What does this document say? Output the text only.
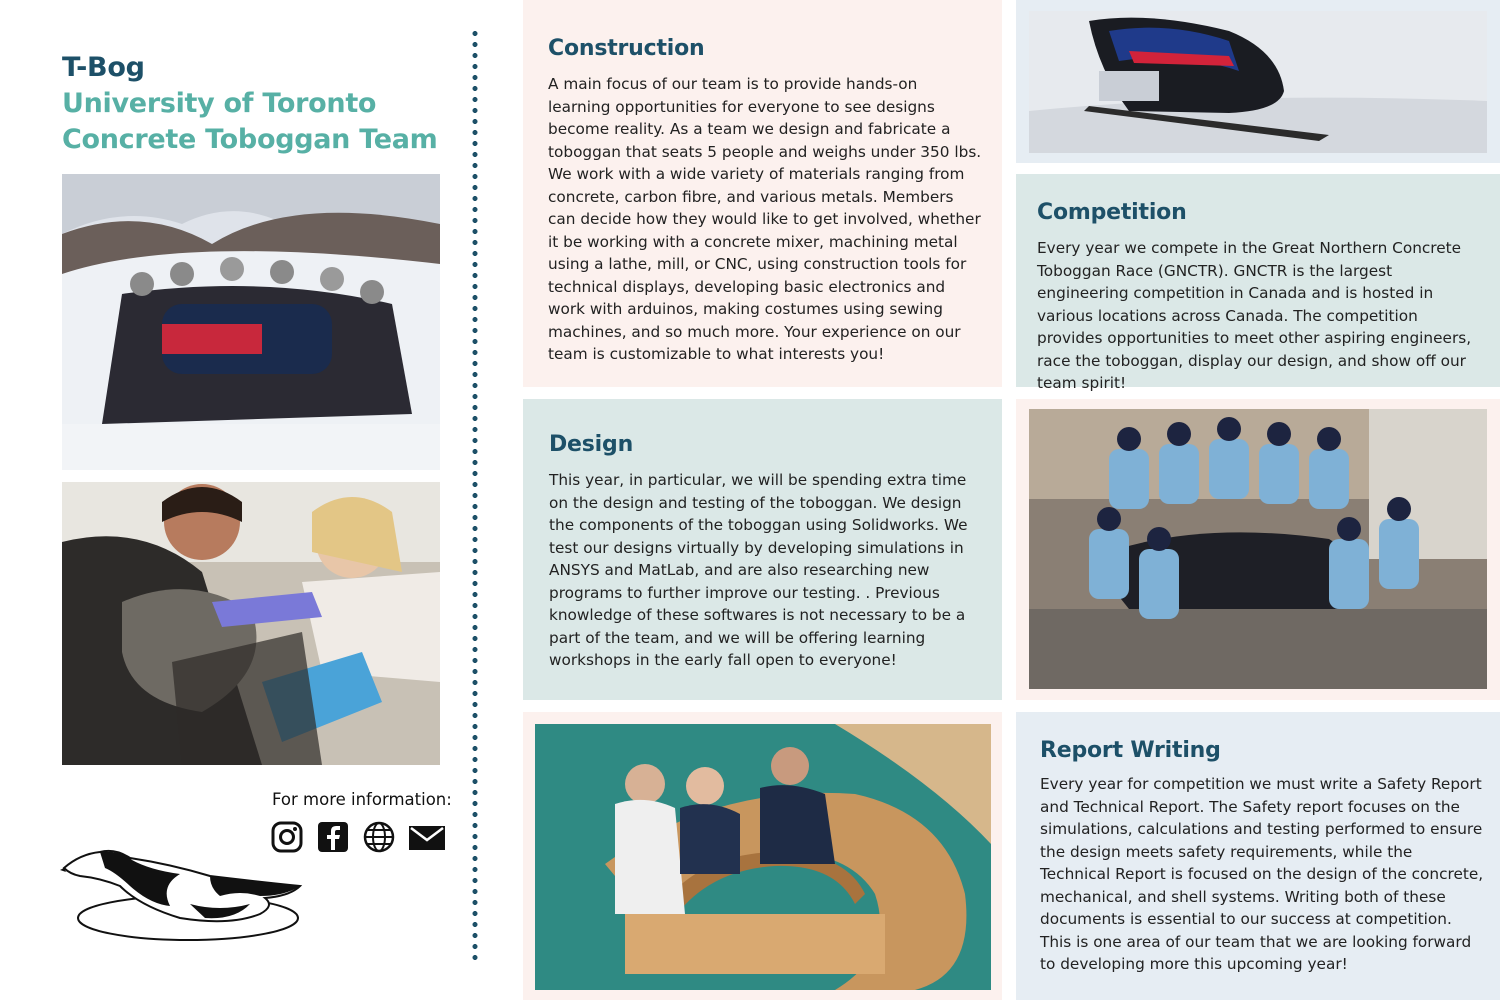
T-Bog
University of Toronto
Concrete Toboggan Team
For more information:
Construction

A main focus of our team is to provide hands-on learning opportunities for everyone to see designs become reality. As a team we design and fabricate a toboggan that seats 5 people and weighs under 350 lbs. We work with a wide variety of materials ranging from concrete, carbon fibre, and various metals. Members can decide how they would like to get involved, whether it be working with a concrete mixer, machining metal using a lathe, mill, or CNC, using construction tools for technical displays, developing basic electronics and work with arduinos, making costumes using sewing machines, and so much more. Your experience on our team is customizable to what interests you!

Design

This year, in particular, we will be spending extra time on the design and testing of the toboggan. We design the components of the toboggan using Solidworks. We test our designs virtually by developing simulations in ANSYS and MatLab, and are also researching new programs to further improve our testing. . Previous knowledge of these softwares is not necessary to be a part of the team, and we will be offering learning workshops in the early fall open to everyone!

Competition

Every year we compete in the Great Northern Concrete Toboggan Race (GNCTR). GNCTR is the largest engineering competition in Canada and is hosted in various locations across Canada. The competition provides opportunities to meet other aspiring engineers, race the toboggan, display our design, and show off our team spirit!

Report Writing

Every year for competition we must write a Safety Report and Technical Report. The Safety report focuses on the simulations, calculations and testing performed to ensure the design meets safety requirements, while the Technical Report is focused on the design of the concrete, mechanical, and shell systems. Writing both of these documents is essential to our success at competition. This is one area of our team that we are looking forward to developing more this upcoming year!
